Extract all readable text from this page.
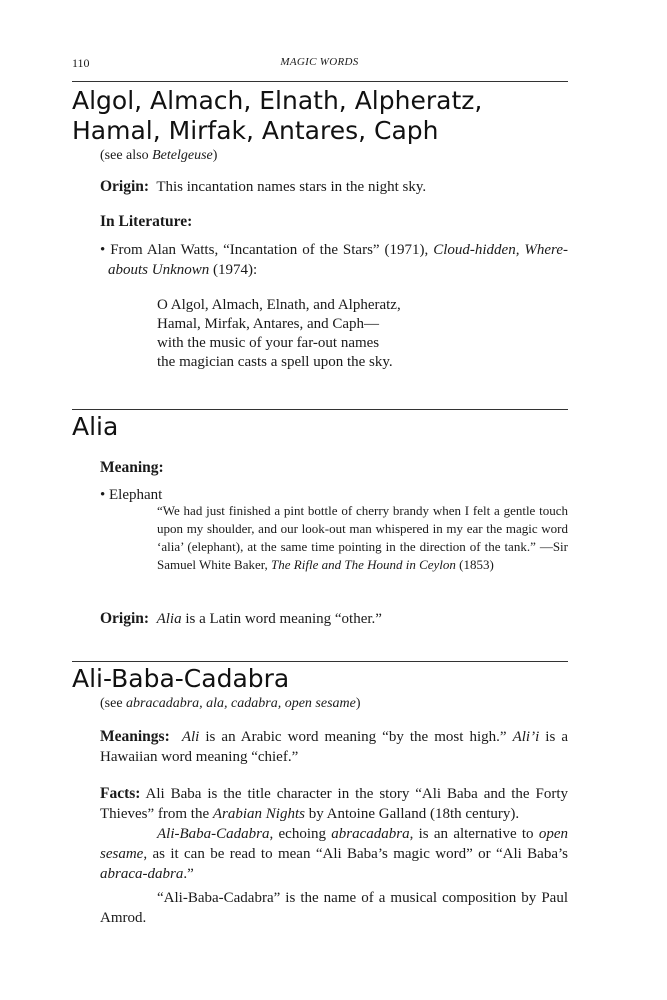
110	MAGIC WORDS
Algol, Almach, Elnath, Alpheratz,
Hamal, Mirfak, Antares, Caph
(see also Betelgeuse)
Origin: This incantation names stars in the night sky.
In Literature:
• From Alan Watts, “Incantation of the Stars” (1971), Cloud-hidden, Where-abouts Unknown (1974):
O Algol, Almach, Elnath, and Alpheratz,
Hamal, Mirfak, Antares, and Caph—
with the music of your far-out names
the magician casts a spell upon the sky.
Alia
Meaning:
• Elephant
“We had just finished a pint bottle of cherry brandy when I felt a gentle touch upon my shoulder, and our look-out man whispered in my ear the magic word ‘alia’ (elephant), at the same time pointing in the direction of the tank.” —Sir Samuel White Baker, The Rifle and The Hound in Ceylon (1853)
Origin: Alia is a Latin word meaning “other.”
Ali-Baba-Cadabra
(see abracadabra, ala, cadabra, open sesame)
Meanings: Ali is an Arabic word meaning “by the most high.” Ali’i is a Hawaiian word meaning “chief.”
Facts: Ali Baba is the title character in the story “Ali Baba and the Forty Thieves” from the Arabian Nights by Antoine Galland (18th century).
Ali-Baba-Cadabra, echoing abracadabra, is an alternative to open sesame, as it can be read to mean “Ali Baba’s magic word” or “Ali Baba’s abraca-dabra.”
“Ali-Baba-Cadabra” is the name of a musical composition by Paul Amrod.
